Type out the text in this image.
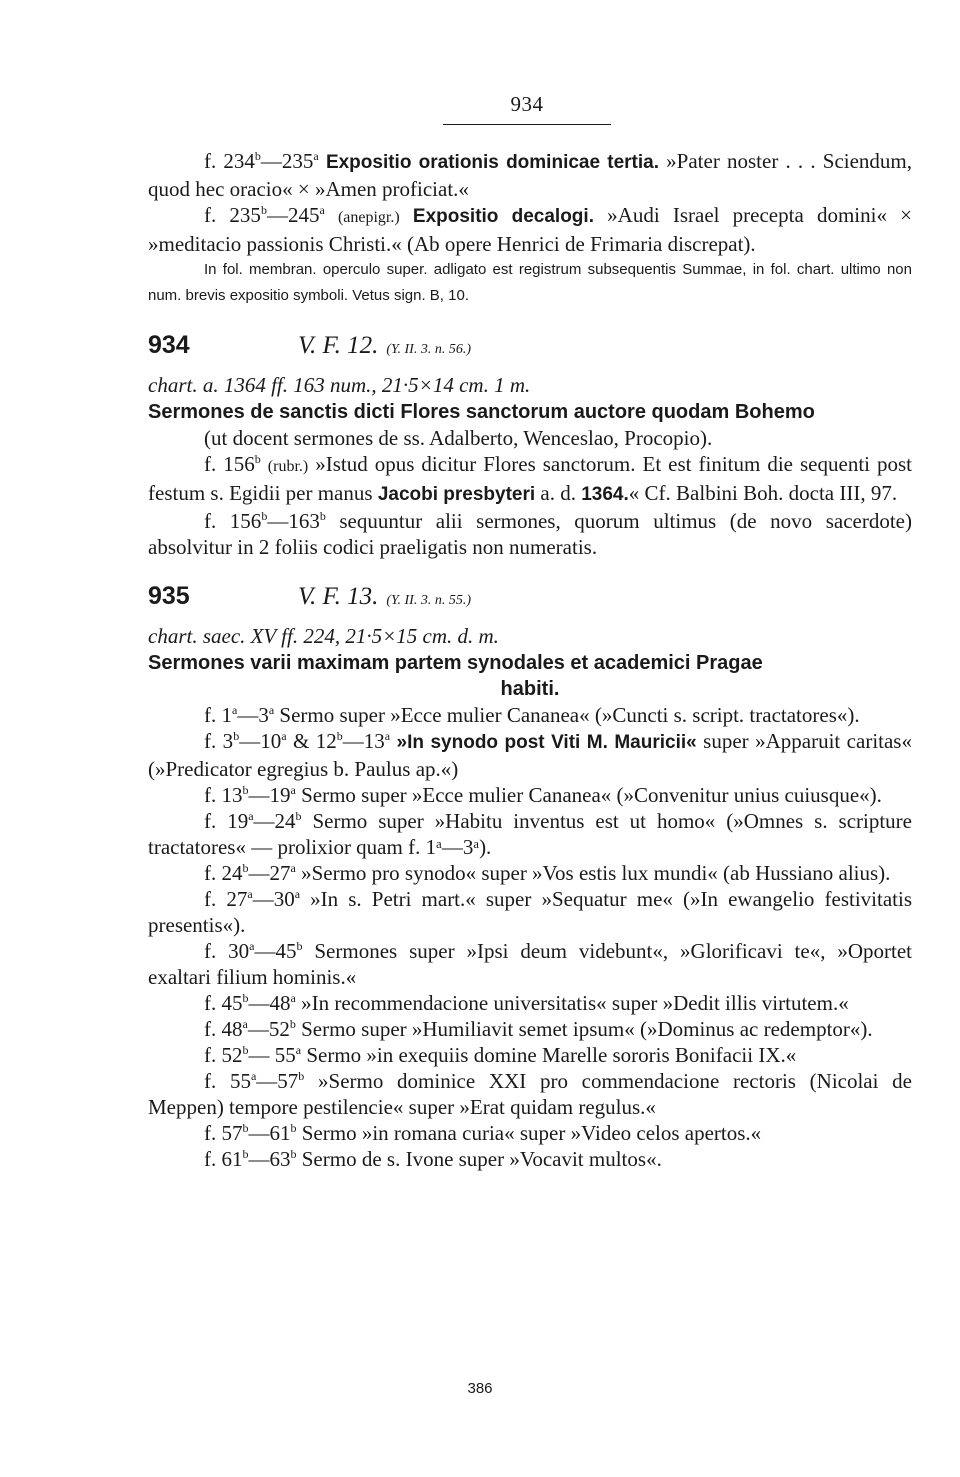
934

f. 234$^b$—235$^a$ Expositio orationis dominicae tertia. »Pater noster . . . Sciendum, quod hec oracio« × »Amen proficiat.«

f. 235$^b$—245$^a$ (anepigr.) Expositio decalogi. »Audi Israel precepta domini« × »meditacio passionis Christi.« (Ab opere Henrici de Frimaria discrepat).

In fol. membran. operculo super. adligato est registrum subsequentis Summae, in fol. chart. ultimo non num. brevis expositio symboli. Vetus sign. B, 10.

934	V. F. 12. (Y. II. 3. n. 56.)

chart. a. 1364 ff. 163 num., 21·5×14 cm. 1 m.

Sermones de sanctis dicti Flores sanctorum auctore quodam Bohemo

(ut docent sermones de ss. Adalberto, Wenceslao, Procopio).

f. 156$^b$ (rubr.) »Istud opus dicitur Flores sanctorum. Et est finitum die sequenti post festum s. Egidii per manus Jacobi presbyteri a. d. 1364.« Cf. Balbini Boh. docta III, 97.

f. 156$^b$—163$^b$ sequuntur alii sermones, quorum ultimus (de novo sacerdote) absolvitur in 2 foliis codici praeligatis non numeratis.

935	V. F. 13. (Y. II. 3. n. 55.)

chart. saec. XV ff. 224, 21·5×15 cm. d. m.

Sermones varii maximam partem synodales et academici Pragae

habiti.

f. 1$^a$—3$^a$ Sermo super »Ecce mulier Cananea« (»Cuncti s. script. tractatores«).

f. 3$^b$—10$^a$ & 12$^b$—13$^a$ »In synodo post Viti M. Mauricii« super »Apparuit caritas« (»Predicator egregius b. Paulus ap.«)

f. 13$^b$—19$^a$ Sermo super »Ecce mulier Cananea« (»Convenitur unius cuiusque«).

f. 19$^a$—24$^b$ Sermo super »Habitu inventus est ut homo« (»Omnes s. scripture tractatores« — prolixior quam f. 1ᵃ—3ᵃ).

f. 24$^b$—27$^a$ »Sermo pro synodo« super »Vos estis lux mundi« (ab Hussiano alius).

f. 27$^a$—30$^a$ »In s. Petri mart.« super »Sequatur me« (»In ewangelio festivitatis presentis«).

f. 30$^a$—45$^b$ Sermones super »Ipsi deum videbunt«, »Glorificavi te«, »Oportet exaltari filium hominis.«

f. 45$^b$—48$^a$ »In recommendacione universitatis« super »Dedit illis virtutem.«

f. 48$^a$—52$^b$ Sermo super »Humiliavit semet ipsum« (»Dominus ac redemptor«).

f. 52$^b$— 55$^a$ Sermo »in exequiis domine Marelle sororis Bonifacii IX.«

f. 55$^a$—57$^b$ »Sermo dominice XXI pro commendacione rectoris (Nicolai de Meppen) tempore pestilencie« super »Erat quidam regulus.«

f. 57$^b$—61$^b$ Sermo »in romana curia« super »Video celos apertos.«

f. 61$^b$—63$^b$ Sermo de s. Ivone super »Vocavit multos«.

386
